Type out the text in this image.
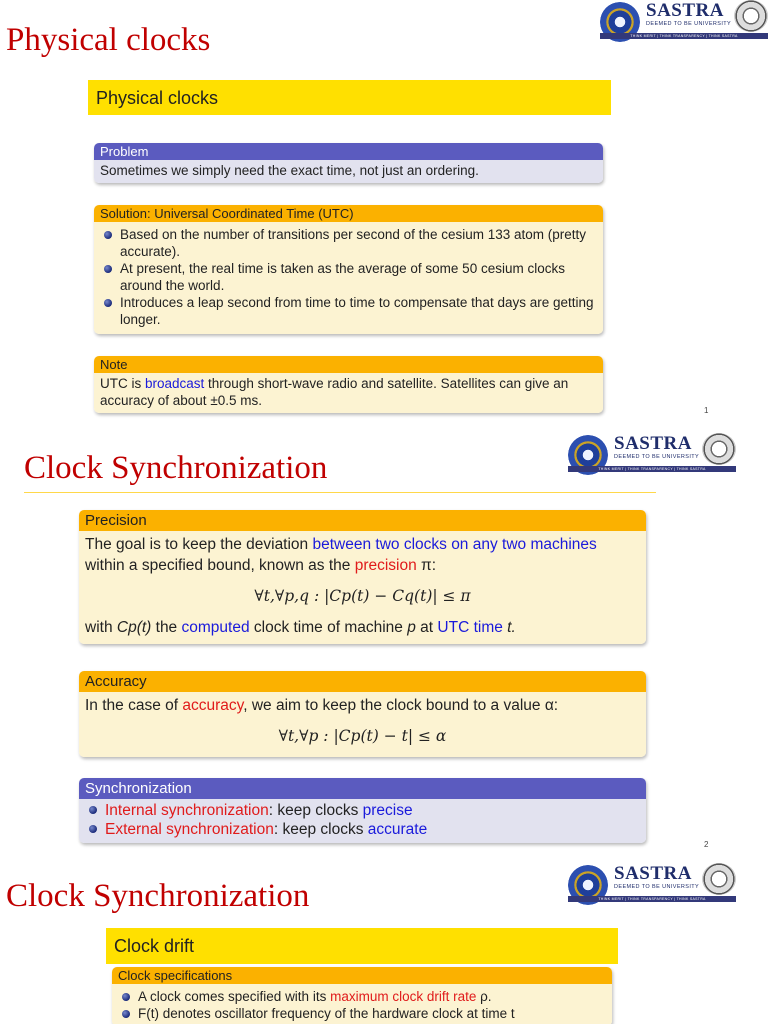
Physical clocks
SASTRA
DEEMED TO BE UNIVERSITY
THINK MERIT | THINK TRANSPARENCY | THINK SASTRA
Physical clocks
Problem
Sometimes we simply need the exact time, not just an ordering.
Solution: Universal Coordinated Time (UTC)
Based on the number of transitions per second of the cesium 133 atom (pretty accurate).
At present, the real time is taken as the average of some 50 cesium clocks around the world.
Introduces a leap second from time to time to compensate that days are getting longer.
Note
UTC is broadcast through short-wave radio and satellite. Satellites can give an accuracy of about ±0.5 ms.
1
Clock Synchronization
SASTRA
DEEMED TO BE UNIVERSITY
THINK MERIT | THINK TRANSPARENCY | THINK SASTRA
Precision
The goal is to keep the deviation between two clocks on any two machines within a specified bound, known as the precision π:
∀t,∀p,q : |Cp(t) − Cq(t)| ≤ π
with Cp(t) the computed clock time of machine p at UTC time t.
Accuracy
In the case of accuracy, we aim to keep the clock bound to a value α:
∀t,∀p : |Cp(t) − t| ≤ α
Synchronization
Internal synchronization: keep clocks precise
External synchronization: keep clocks accurate
2
Clock Synchronization
SASTRA
DEEMED TO BE UNIVERSITY
THINK MERIT | THINK TRANSPARENCY | THINK SASTRA
Clock drift
Clock specifications
A clock comes specified with its maximum clock drift rate ρ.
F(t) denotes oscillator frequency of the hardware clock at time t
